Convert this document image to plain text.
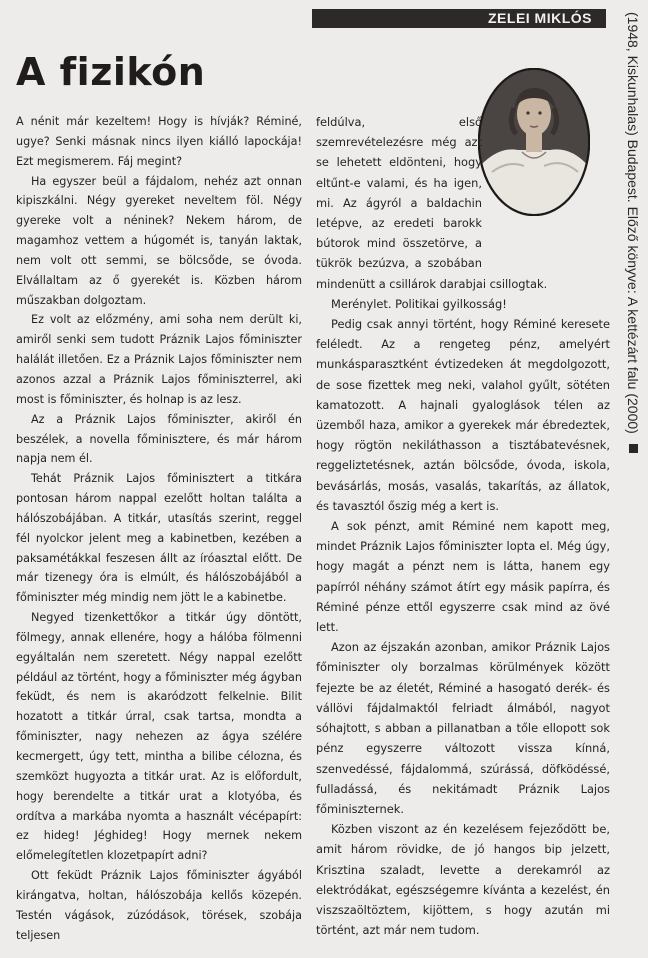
ZELEI MIKLÓS	(1948, Kiskunhalas) Budapest. Előző könyve: A kettézárt falu (2000)
A fizikón

A nénit már kezeltem! Hogy is hívják? Réminé, ugye? Senki másnak nincs ilyen kiálló lapockája! Ezt megismerem. Fáj megint?

Ha egyszer beül a fájdalom, nehéz azt onnan kipiszkálni. Négy gyereket neveltem föl. Négy gyereke volt a néninek? Nekem három, de magamhoz vettem a húgomét is, tanyán laktak, nem volt ott semmi, se bölcsőde, se óvoda. Elvállaltam az ő gyerekét is. Közben három műszakban dolgoztam.

Ez volt az előzmény, ami soha nem derült ki, amiről senki sem tudott Práznik Lajos főminiszter halálát illetően. Ez a Práznik Lajos főminiszter nem azonos azzal a Práznik Lajos főminiszterrel, aki most is főminiszter, és holnap is az lesz.

Az a Práznik Lajos főminiszter, akiről én beszélek, a novella főminisztere, és már három napja nem él.

Tehát Práznik Lajos főminisztert a titkára pontosan három nappal ezelőtt holtan találta a hálószobájában. A titkár, utasítás szerint, reggel fél nyolckor jelent meg a kabinetben, kezében a paksamétákkal feszesen állt az íróasztal előtt. De már tizenegy óra is elmúlt, és hálószobájából a főminiszter még mindig nem jött le a kabinetbe.

Negyed tizenkettőkor a titkár úgy döntött, fölmegy, annak ellenére, hogy a hálóba fölmenni egyáltalán nem szeretett. Négy nappal ezelőtt például az történt, hogy a főminiszter még ágyban feküdt, és nem is akaródzott felkelnie. Bilit hozatott a titkár úrral, csak tartsa, mondta a főminiszter, nagy nehezen az ágya szélére kecmergett, úgy tett, mintha a bilibe célozna, és szemközt hugyozta a titkár urat. Az is előfordult, hogy berendelte a titkár urat a klotyóba, és ordítva a markába nyomta a használt vécépapírt: ez hideg! Jéghideg! Hogy mernek nekem előmelegítetlen klozetpapírt adni?

Ott feküdt Práznik Lajos főminiszter ágyából kirángatva, holtan, hálószobája kellős közepén. Testén vágások, zúzódások, törések, szobája teljesen

feldúlva, első szemrevételezésre még azt se lehetett eldönteni, hogy eltűnt-e valami, és ha igen, mi. Az ágyról a baldachin letépve, az eredeti barokk bútorok mind összetörve, a tükrök bezúzva, a szobában mindenütt a csillárok darabjai csillogtak.

Merénylet. Politikai gyilkosság!

Pedig csak annyi történt, hogy Réminé keresete feléledt. Az a rengeteg pénz, amelyért munkásparasztként évtizedeken át megdolgozott, de sose fizettek meg neki, valahol gyűlt, sötéten kamatozott. A hajnali gyaloglások télen az üzemből haza, amikor a gyerekek már ébredeztek, hogy rögtön nekiláthasson a tisztábatevésnek, reggeliztetésnek, aztán bölcsőde, óvoda, iskola, bevásárlás, mosás, vasalás, takarítás, az állatok, és tavasztól őszig még a kert is.

A sok pénzt, amit Réminé nem kapott meg, mindet Práznik Lajos főminiszter lopta el. Még úgy, hogy magát a pénzt nem is látta, hanem egy papírról néhány számot átírt egy másik papírra, és Réminé pénze ettől egyszerre csak mind az övé lett.

Azon az éjszakán azonban, amikor Práznik Lajos főminiszter oly borzalmas körülmények között fejezte be az életét, Réminé a hasogató derék- és vállövi fájdalmaktól felriadt álmából, nagyot sóhajtott, s abban a pillanatban a tőle ellopott sok pénz egyszerre változott vissza kínná, szenvedéssé, fájdalommá, szúrássá, döfködéssé, fulladássá, és nekitámadt Práznik Lajos főminiszternek.

Közben viszont az én kezelésem fejeződött be, amit három rövidke, de jó hangos bip jelzett, Krisztina szaladt, levette a derekamról az elektródákat, egészségemre kívánta a kezelést, én viszszaöltöztem, kijöttem, s hogy azután mi történt, azt már nem tudom.
